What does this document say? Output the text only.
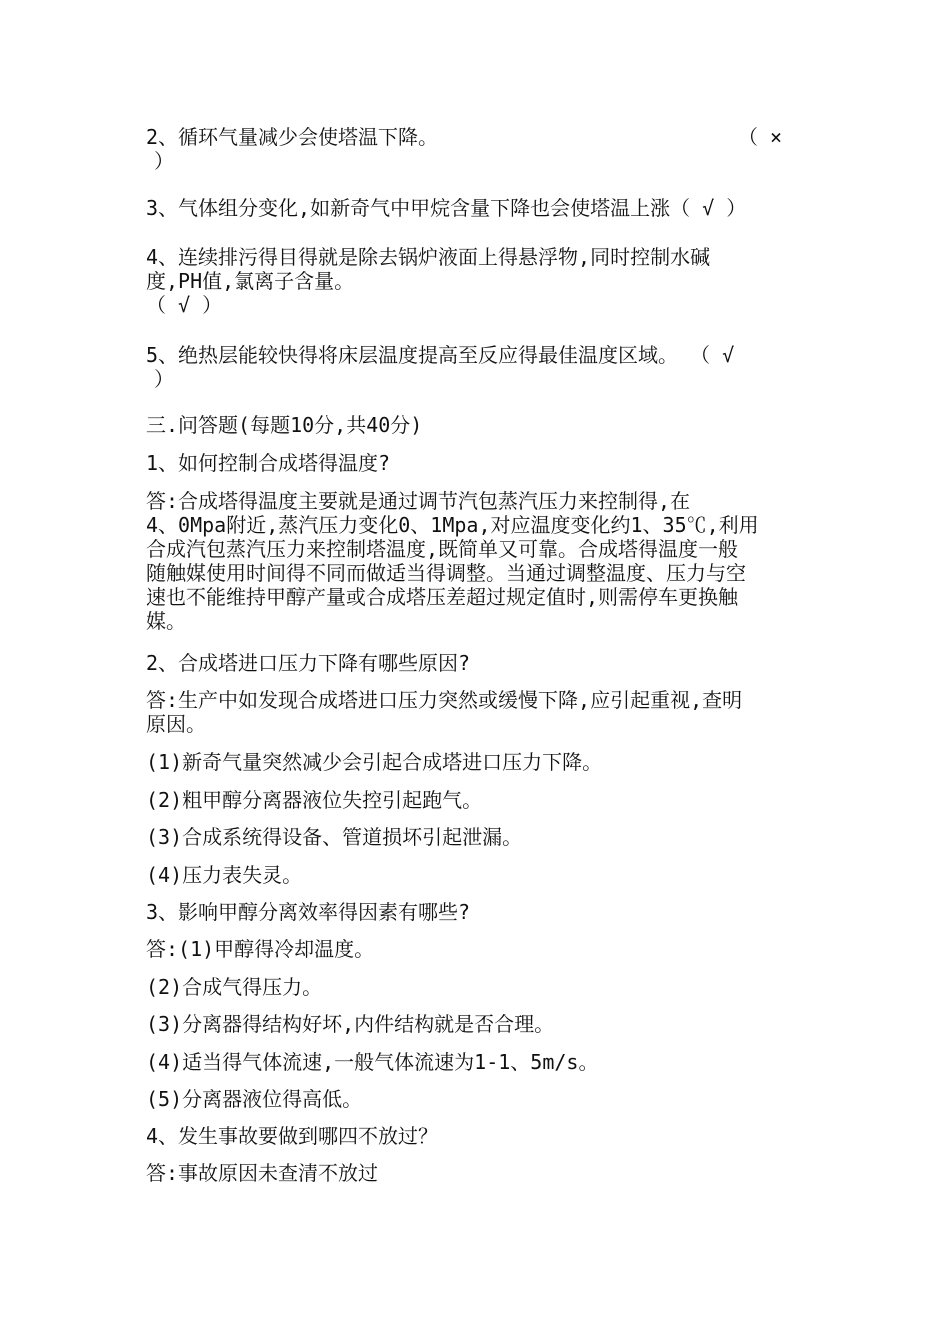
2、循环气量减少会使塔温下降。
）
（ ×
3、气体组分变化,如新奇气中甲烷含量下降也会使塔温上涨（ √ ）
4、连续排污得目得就是除去锅炉液面上得悬浮物,同时控制水碱
度,PH值,氯离子含量。
（ √ ）
5、绝热层能较快得将床层温度提高至反应得最佳温度区域。 （ √
）
三.问答题(每题10分,共40分)
1、如何控制合成塔得温度?
答:合成塔得温度主要就是通过调节汽包蒸汽压力来控制得,在
4、0Mpa附近,蒸汽压力变化0、1Mpa,对应温度变化约1、35℃,利用
合成汽包蒸汽压力来控制塔温度,既简单又可靠。合成塔得温度一般
随触媒使用时间得不同而做适当得调整。当通过调整温度、压力与空
速也不能维持甲醇产量或合成塔压差超过规定值时,则需停车更换触
媒。
2、合成塔进口压力下降有哪些原因?
答:生产中如发现合成塔进口压力突然或缓慢下降,应引起重视,查明
原因。
(1)新奇气量突然减少会引起合成塔进口压力下降。
(2)粗甲醇分离器液位失控引起跑气。
(3)合成系统得设备、管道损坏引起泄漏。
(4)压力表失灵。
3、影响甲醇分离效率得因素有哪些?
答:(1)甲醇得冷却温度。
(2)合成气得压力。
(3)分离器得结构好坏,内件结构就是否合理。
(4)适当得气体流速,一般气体流速为1-1、5m/s。
(5)分离器液位得高低。
4、发生事故要做到哪四不放过？
答:事故原因未查清不放过
